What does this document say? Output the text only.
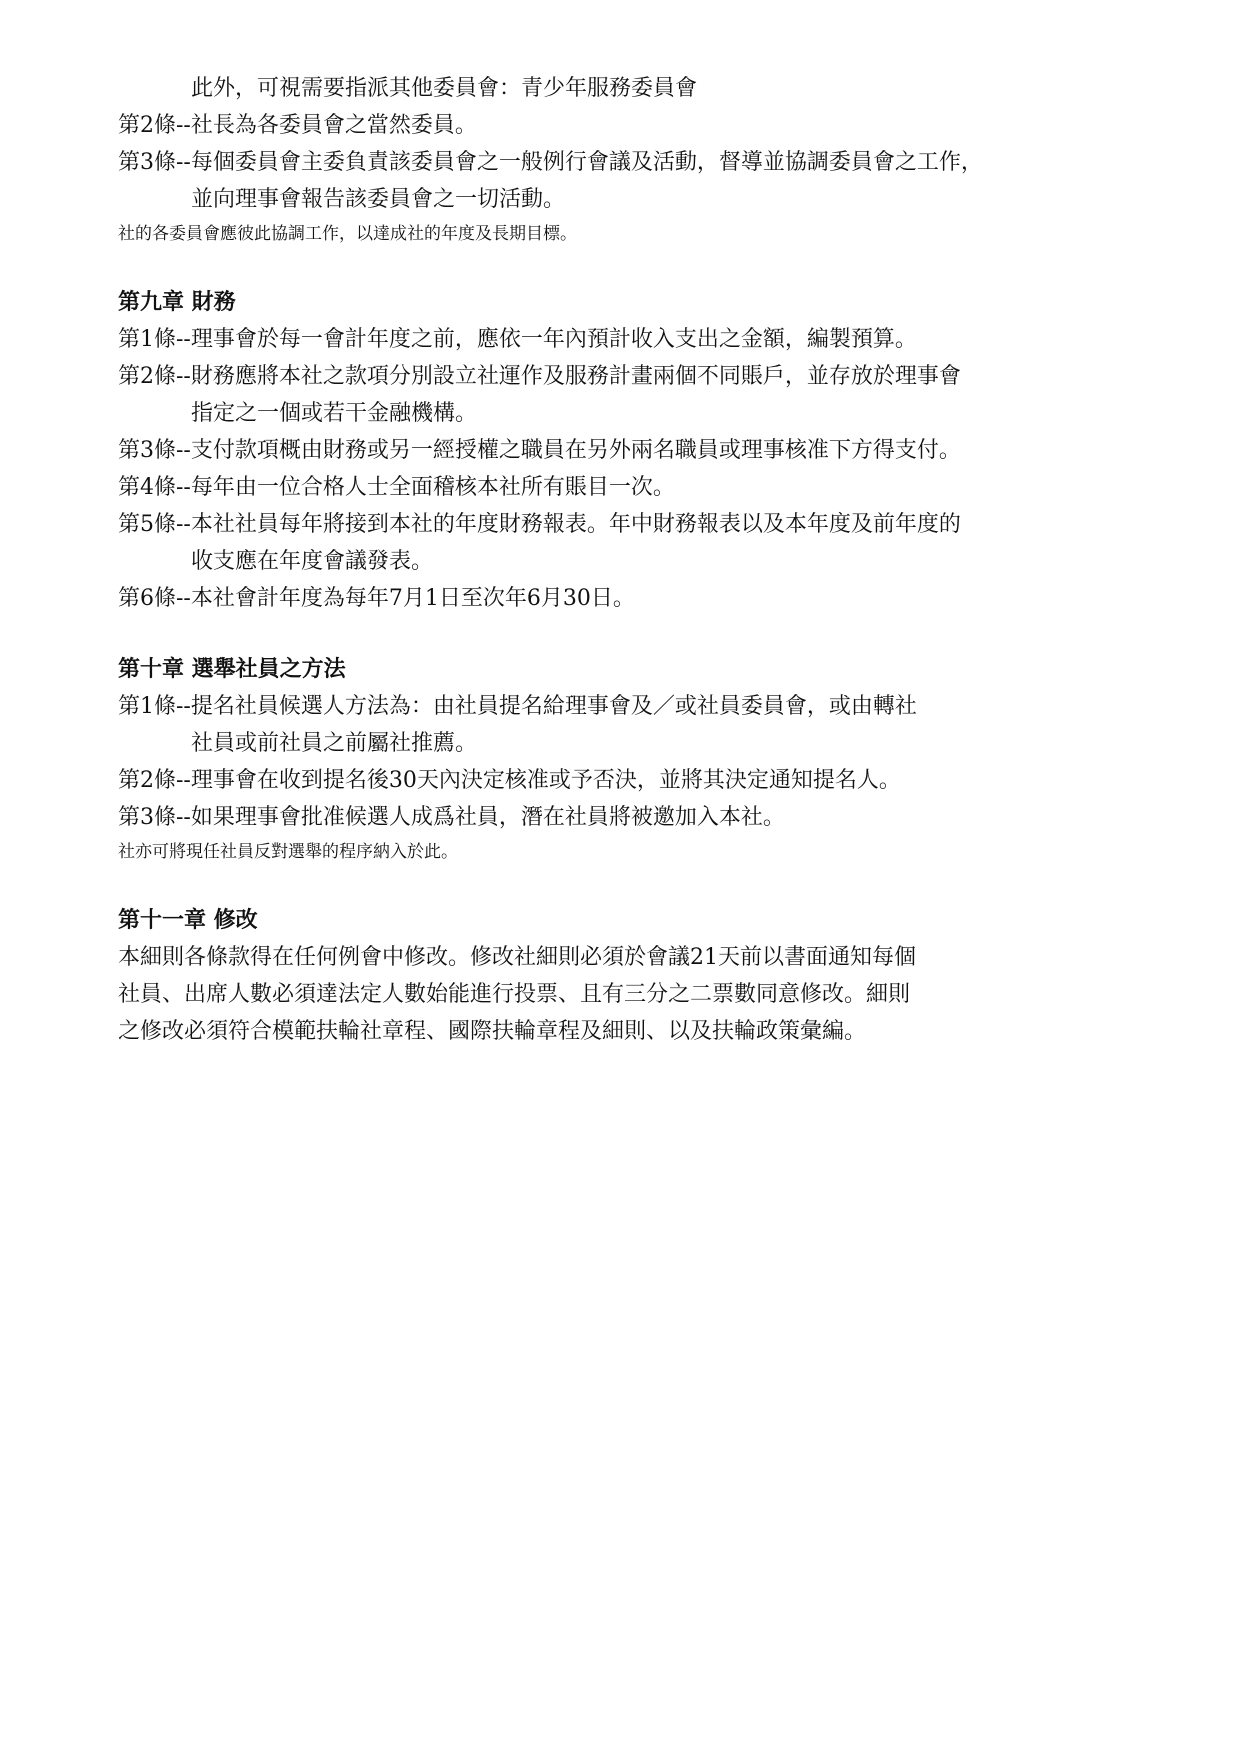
此外，可視需要指派其他委員會：青少年服務委員會
第2條--社長為各委員會之當然委員。
第3條--每個委員會主委負責該委員會之一般例行會議及活動，督導並協調委員會之工作，
並向理事會報告該委員會之一切活動。
社的各委員會應彼此協調工作，以達成社的年度及長期目標。
第九章 財務
第1條--理事會於每一會計年度之前，應依一年內預計收入支出之金額，編製預算。
第2條--財務應將本社之款項分別設立社運作及服務計畫兩個不同賬戶，並存放於理事會
指定之一個或若干金融機構。
第3條--支付款項概由財務或另一經授權之職員在另外兩名職員或理事核准下方得支付。
第4條--每年由一位合格人士全面稽核本社所有賬目一次。
第5條--本社社員每年將接到本社的年度財務報表。年中財務報表以及本年度及前年度的
收支應在年度會議發表。
第6條--本社會計年度為每年7月1日至次年6月30日。
第十章 選舉社員之方法
第1條--提名社員候選人方法為：由社員提名給理事會及／或社員委員會，或由轉社
社員或前社員之前屬社推薦。
第2條--理事會在收到提名後30天內決定核准或予否決，並將其決定通知提名人。
第3條--如果理事會批准候選人成爲社員，潛在社員將被邀加入本社。
社亦可將現任社員反對選舉的程序納入於此。
第十一章 修改
本細則各條款得在任何例會中修改。修改社細則必須於會議21天前以書面通知每個
社員、出席人數必須達法定人數始能進行投票、且有三分之二票數同意修改。細則
之修改必須符合模範扶輪社章程、國際扶輪章程及細則、以及扶輪政策彙編。
